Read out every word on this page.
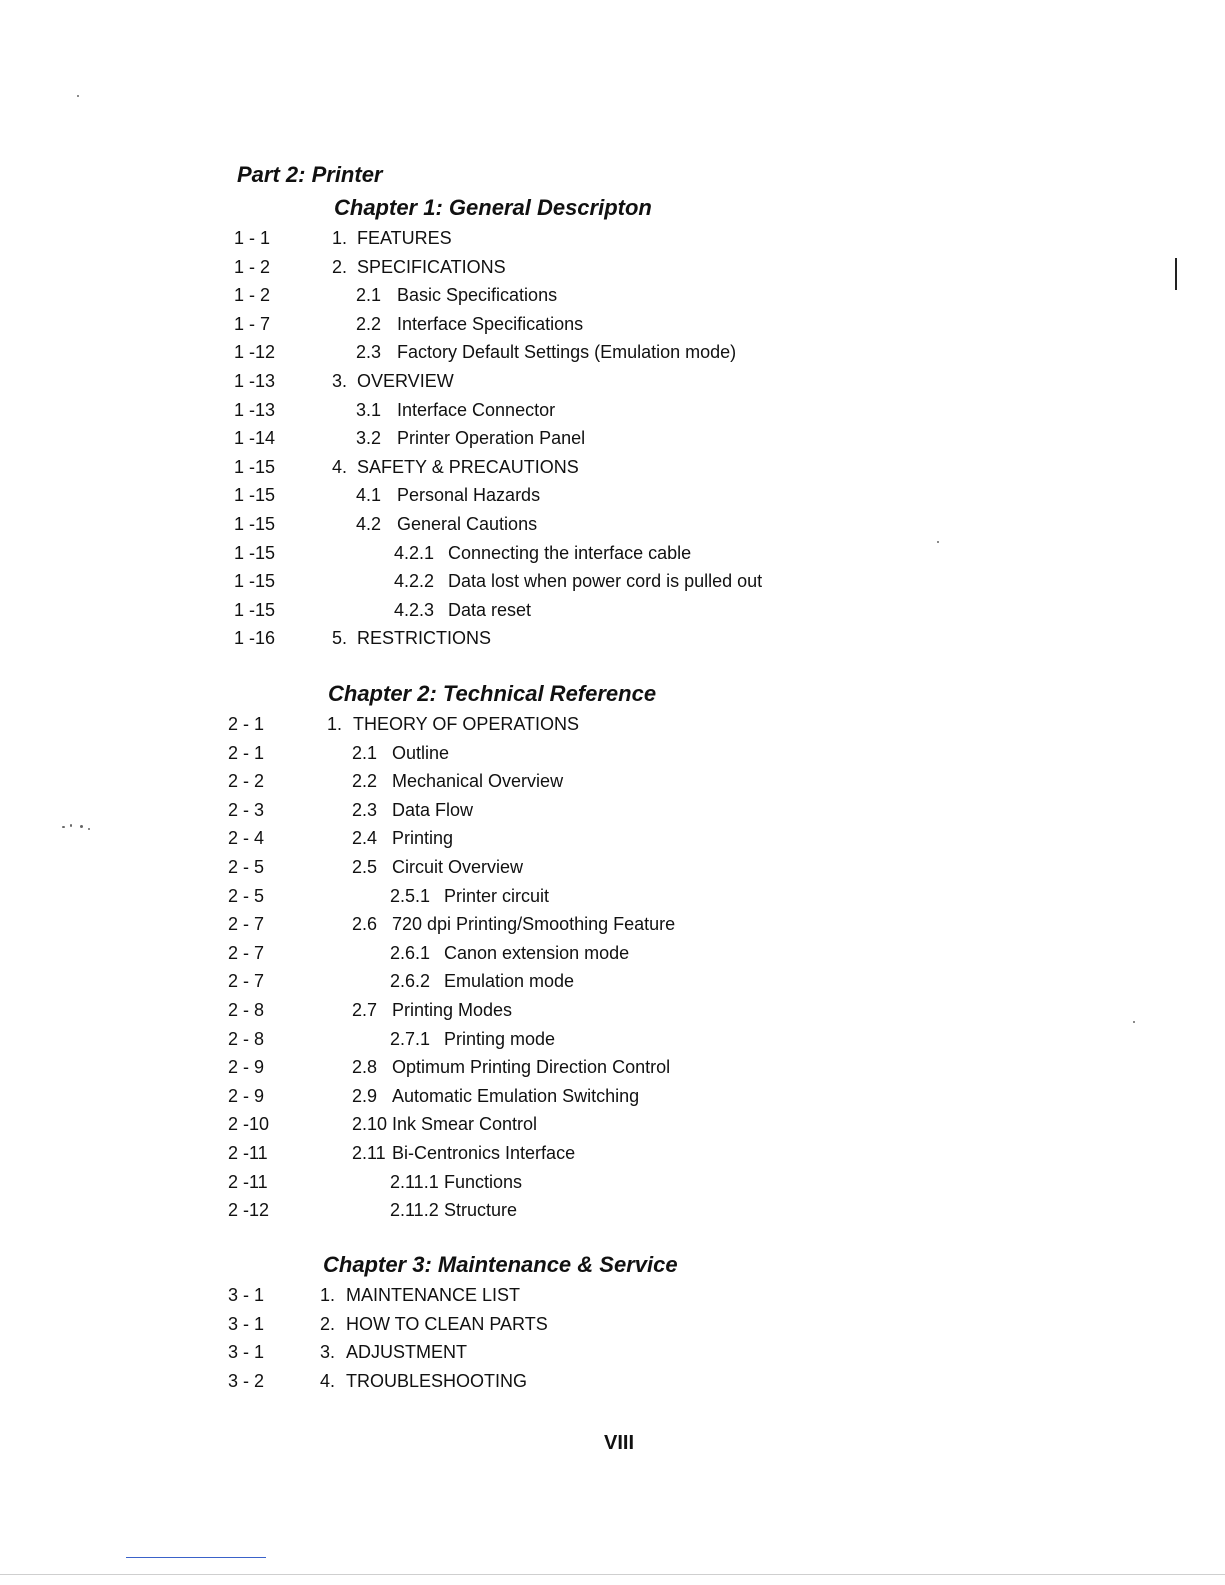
Part 2: Printer
Chapter 1: General Descripton
1 - 1	1. FEATURES
1 - 2	2. SPECIFICATIONS
1 - 2	2.1 Basic Specifications
1 - 7	2.2 Interface Specifications
1 -12	2.3 Factory Default Settings (Emulation mode)
1 -13	3. OVERVIEW
1 -13	3.1 Interface Connector
1 -14	3.2 Printer Operation Panel
1 -15	4. SAFETY & PRECAUTIONS
1 -15	4.1 Personal Hazards
1 -15	4.2 General Cautions
1 -15	4.2.1 Connecting the interface cable
1 -15	4.2.2 Data lost when power cord is pulled out
1 -15	4.2.3 Data reset
1 -16	5. RESTRICTIONS
Chapter 2: Technical Reference
2 - 1	1. THEORY OF OPERATIONS
2 - 1	2.1 Outline
2 - 2	2.2 Mechanical Overview
2 - 3	2.3 Data Flow
2 - 4	2.4 Printing
2 - 5	2.5 Circuit Overview
2 - 5	2.5.1 Printer circuit
2 - 7	2.6 720 dpi Printing/Smoothing Feature
2 - 7	2.6.1 Canon extension mode
2 - 7	2.6.2 Emulation mode
2 - 8	2.7 Printing Modes
2 - 8	2.7.1 Printing mode
2 - 9	2.8 Optimum Printing Direction Control
2 - 9	2.9 Automatic Emulation Switching
2 -10	2.10 Ink Smear Control
2 -11	2.11 Bi-Centronics Interface
2 -11	2.11.1 Functions
2 -12	2.11.2 Structure
Chapter 3: Maintenance & Service
3 - 1	1. MAINTENANCE LIST
3 - 1	2. HOW TO CLEAN PARTS
3 - 1	3. ADJUSTMENT
3 - 2	4. TROUBLESHOOTING
VIII
